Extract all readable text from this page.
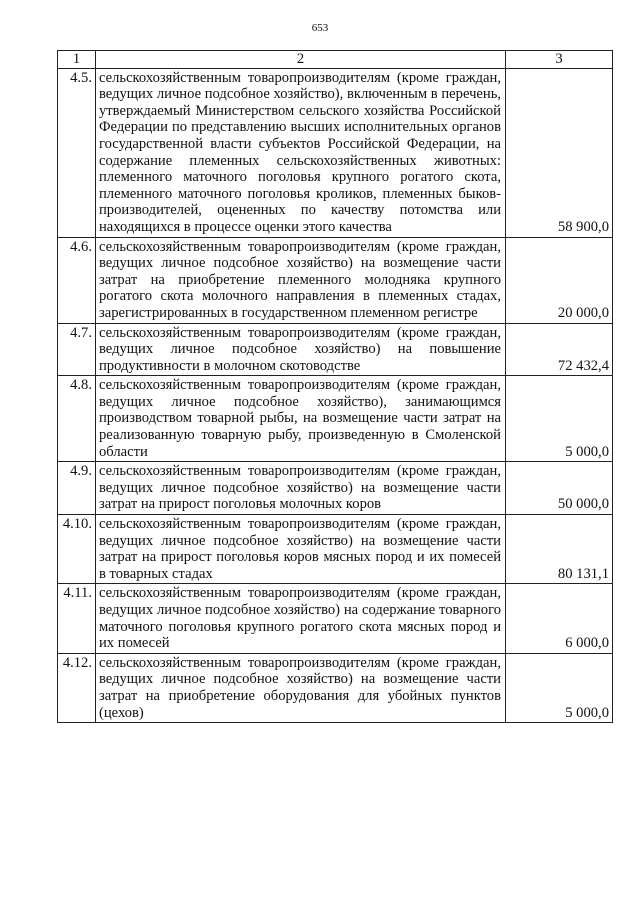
653
1	2	3
4.5.	сельскохозяйственным товаропроизводителям (кроме граждан, ведущих личное подсобное хозяйство), включенным в перечень, утверждаемый Министерством сельского хозяйства Российской Федерации по представлению высших исполнительных органов государственной власти субъектов Российской Федерации, на содержание племенных сельскохозяйственных животных: племенного маточного поголовья крупного рогатого скота, племенного маточного поголовья кроликов, племенных быков-производителей, оцененных по качеству потомства или находящихся в процессе оценки этого качества	58 900,0
4.6.	сельскохозяйственным товаропроизводителям (кроме граждан, ведущих личное подсобное хозяйство) на возмещение части затрат на приобретение племенного молодняка крупного рогатого скота молочного направления в племенных стадах, зарегистрированных в государственном племенном регистре	20 000,0
4.7.	сельскохозяйственным товаропроизводителям (кроме граждан, ведущих личное подсобное хозяйство) на повышение продуктивности в молочном скотоводстве	72 432,4
4.8.	сельскохозяйственным товаропроизводителям (кроме граждан, ведущих личное подсобное хозяйство), занимающимся производством товарной рыбы, на возмещение части затрат на реализованную товарную рыбу, произведенную в Смоленской области	5 000,0
4.9.	сельскохозяйственным товаропроизводителям (кроме граждан, ведущих личное подсобное хозяйство) на возмещение части затрат на прирост поголовья молочных коров	50 000,0
4.10.	сельскохозяйственным товаропроизводителям (кроме граждан, ведущих личное подсобное хозяйство) на возмещение части затрат на прирост поголовья коров мясных пород и их помесей в товарных стадах	80 131,1
4.11.	сельскохозяйственным товаропроизводителям (кроме граждан, ведущих личное подсобное хозяйство) на содержание товарного маточного поголовья крупного рогатого скота мясных пород и их помесей	6 000,0
4.12.	сельскохозяйственным товаропроизводителям (кроме граждан, ведущих личное подсобное хозяйство) на возмещение части затрат на приобретение оборудования для убойных пунктов (цехов)	5 000,0
